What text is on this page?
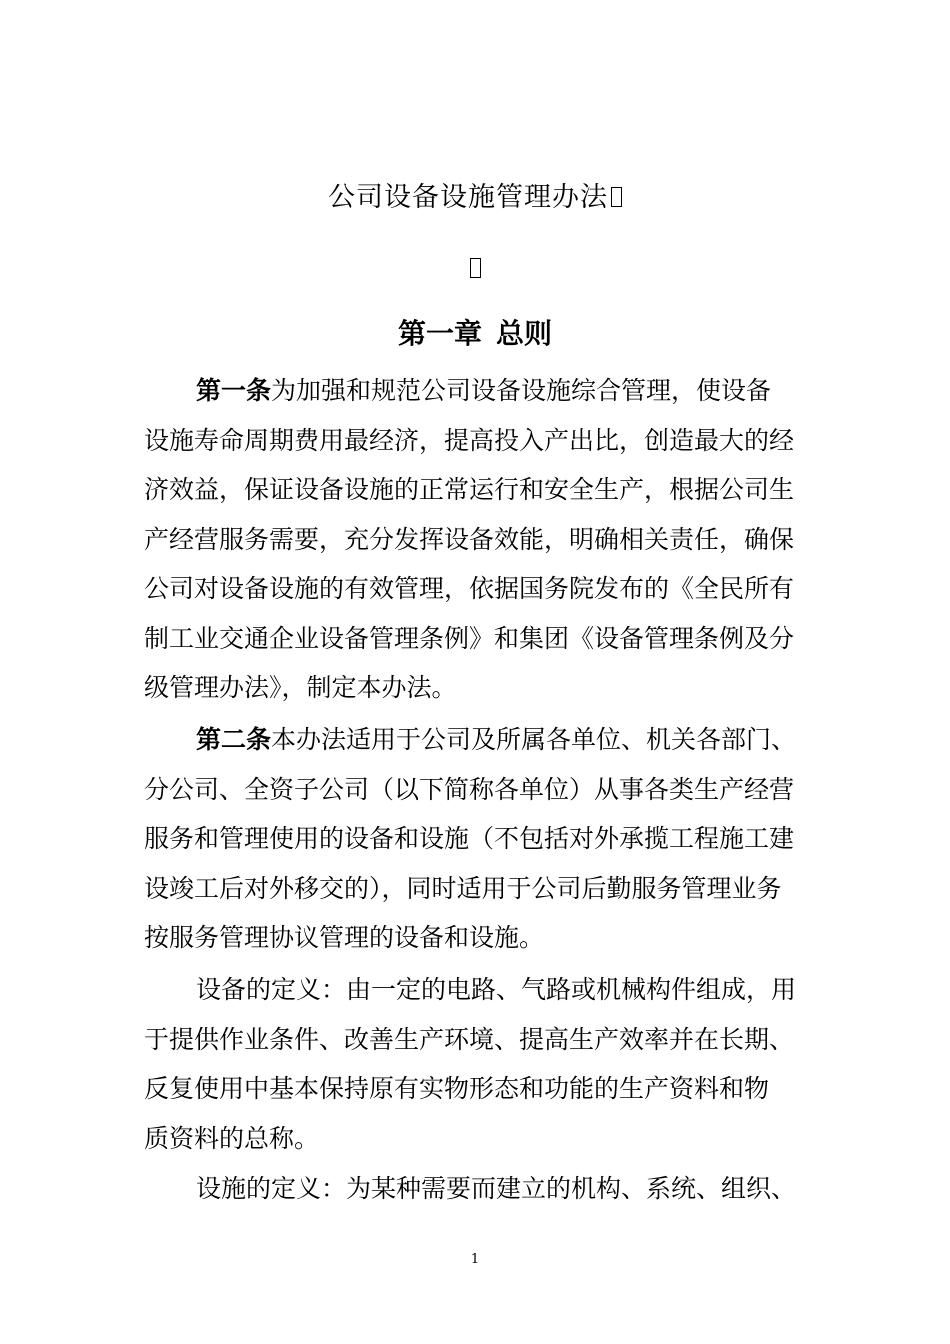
公司设备设施管理办法
第一章 总则
第一条为加强和规范公司设备设施综合管理，使设备
设施寿命周期费用最经济，提高投入产出比，创造最大的经
济效益，保证设备设施的正常运行和安全生产，根据公司生
产经营服务需要，充分发挥设备效能，明确相关责任，确保
公司对设备设施的有效管理，依据国务院发布的《全民所有
制工业交通企业设备管理条例》和集团《设备管理条例及分
级管理办法》，制定本办法。
第二条本办法适用于公司及所属各单位、机关各部门、
分公司、全资子公司（以下简称各单位）从事各类生产经营
服务和管理使用的设备和设施（不包括对外承揽工程施工建
设竣工后对外移交的），同时适用于公司后勤服务管理业务
按服务管理协议管理的设备和设施。
设备的定义：由一定的电路、气路或机械构件组成，用
于提供作业条件、改善生产环境、提高生产效率并在长期、
反复使用中基本保持原有实物形态和功能的生产资料和物
质资料的总称。
设施的定义：为某种需要而建立的机构、系统、组织、
1
